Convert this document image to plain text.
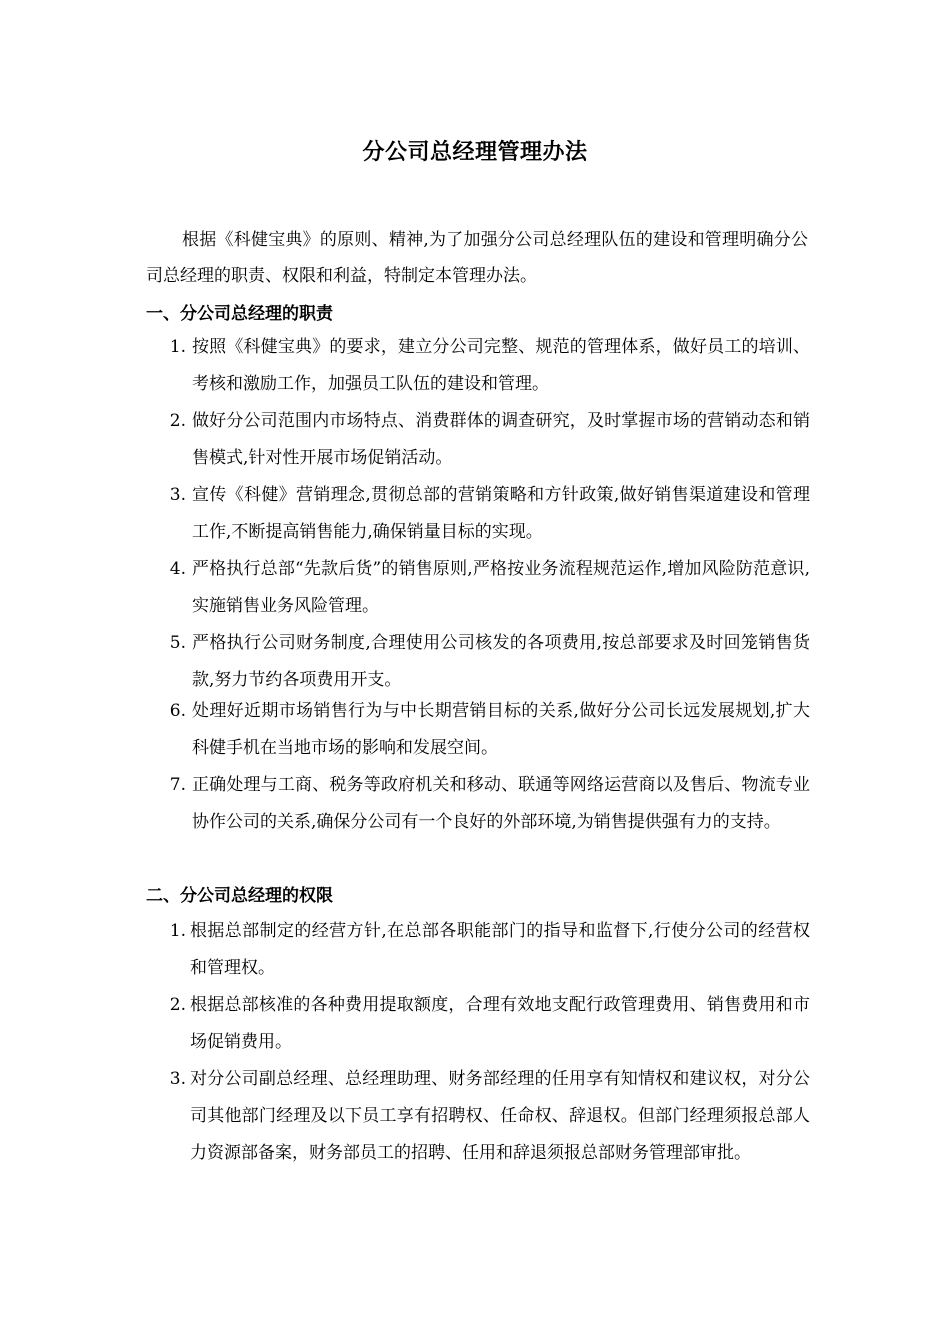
分公司总经理管理办法
根据《科健宝典》的原则、精神,为了加强分公司总经理队伍的建设和管理明确分公司总经理的职责、权限和利益，特制定本管理办法。
一、分公司总经理的职责
1. 按照《科健宝典》的要求，建立分公司完整、规范的管理体系，做好员工的培训、考核和激励工作，加强员工队伍的建设和管理。
2. 做好分公司范围内市场特点、消费群体的调查研究，及时掌握市场的营销动态和销售模式,针对性开展市场促销活动。
3. 宣传《科健》营销理念,贯彻总部的营销策略和方针政策,做好销售渠道建设和管理工作,不断提高销售能力,确保销量目标的实现。
4. 严格执行总部“先款后货”的销售原则,严格按业务流程规范运作,增加风险防范意识,实施销售业务风险管理。
5. 严格执行公司财务制度,合理使用公司核发的各项费用,按总部要求及时回笼销售货款,努力节约各项费用开支。
6. 处理好近期市场销售行为与中长期营销目标的关系,做好分公司长远发展规划,扩大科健手机在当地市场的影响和发展空间。
7. 正确处理与工商、税务等政府机关和移动、联通等网络运营商以及售后、物流专业协作公司的关系,确保分公司有一个良好的外部环境,为销售提供强有力的支持。
二、分公司总经理的权限
1. 根据总部制定的经营方针,在总部各职能部门的指导和监督下,行使分公司的经营权和管理权。
2. 根据总部核准的各种费用提取额度，合理有效地支配行政管理费用、销售费用和市场促销费用。
3. 对分公司副总经理、总经理助理、财务部经理的任用享有知情权和建议权，对分公司其他部门经理及以下员工享有招聘权、任命权、辞退权。但部门经理须报总部人力资源部备案，财务部员工的招聘、任用和辞退须报总部财务管理部审批。
